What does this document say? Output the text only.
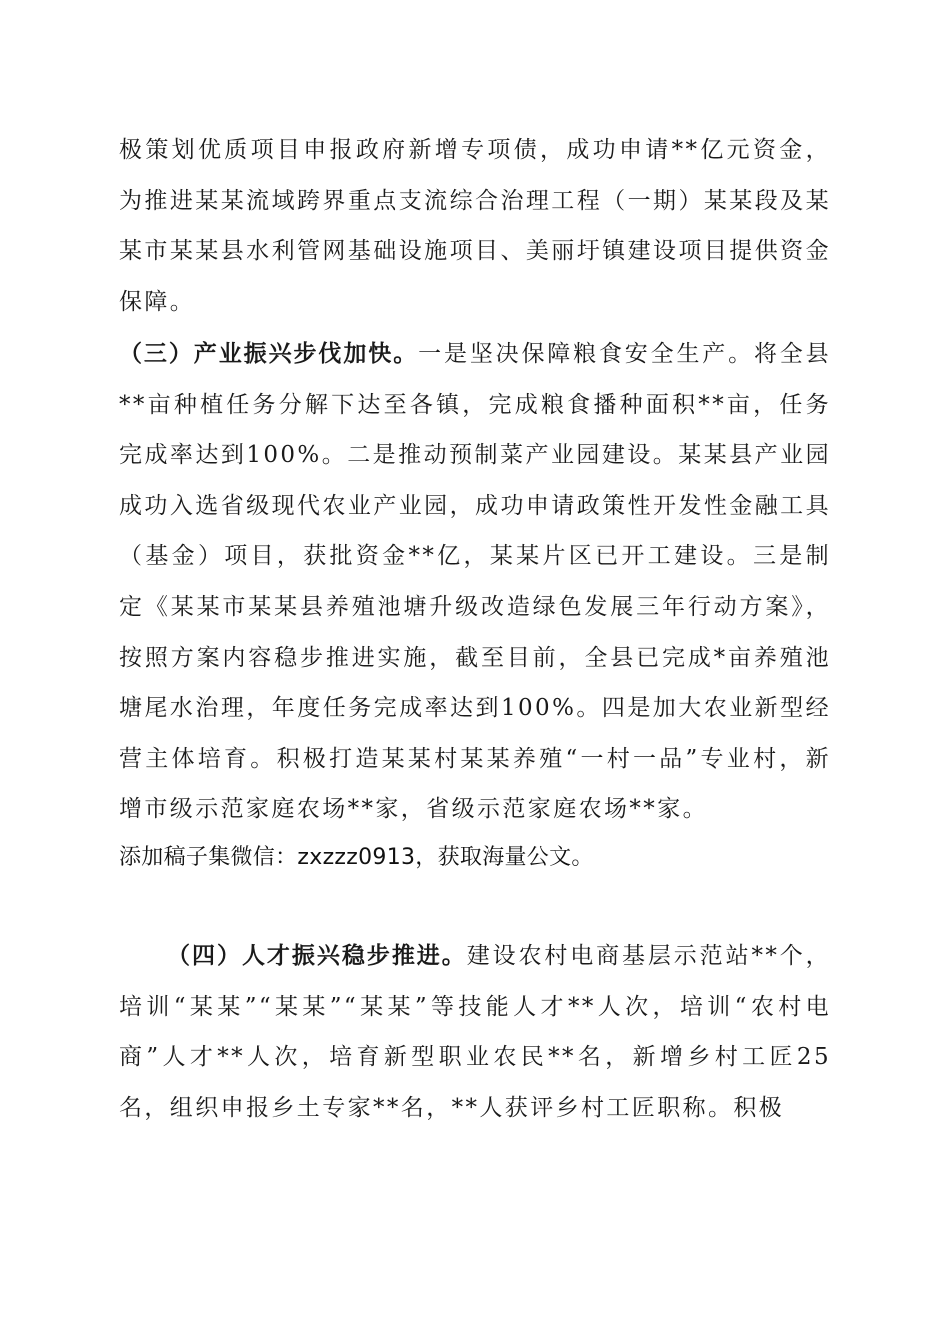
极策划优质项目申报政府新增专项债，成功申请**亿元资金，为推进某某流域跨界重点支流综合治理工程（一期）某某段及某某市某某县水利管网基础设施项目、美丽圩镇建设项目提供资金保障。

（三）产业振兴步伐加快。一是坚决保障粮食安全生产。将全县**亩种植任务分解下达至各镇，完成粮食播种面积**亩，任务完成率达到100%。二是推动预制菜产业园建设。某某县产业园成功入选省级现代农业产业园，成功申请政策性开发性金融工具（基金）项目，获批资金**亿，某某片区已开工建设。三是制定《某某市某某县养殖池塘升级改造绿色发展三年行动方案》，按照方案内容稳步推进实施，截至目前，全县已完成*亩养殖池塘尾水治理，年度任务完成率达到100%。四是加大农业新型经营主体培育。积极打造某某村某某养殖“一村一品”专业村，新增市级示范家庭农场**家，省级示范家庭农场**家。

添加稿子集微信：zxzzz0913，获取海量公文。

（四）人才振兴稳步推进。建设农村电商基层示范站**个，培训“某某”“某某”“某某”等技能人才**人次，培训“农村电商”人才**人次，培育新型职业农民**名，新增乡村工匠25名，组织申报乡土专家**名，**人获评乡村工匠职称。积极
